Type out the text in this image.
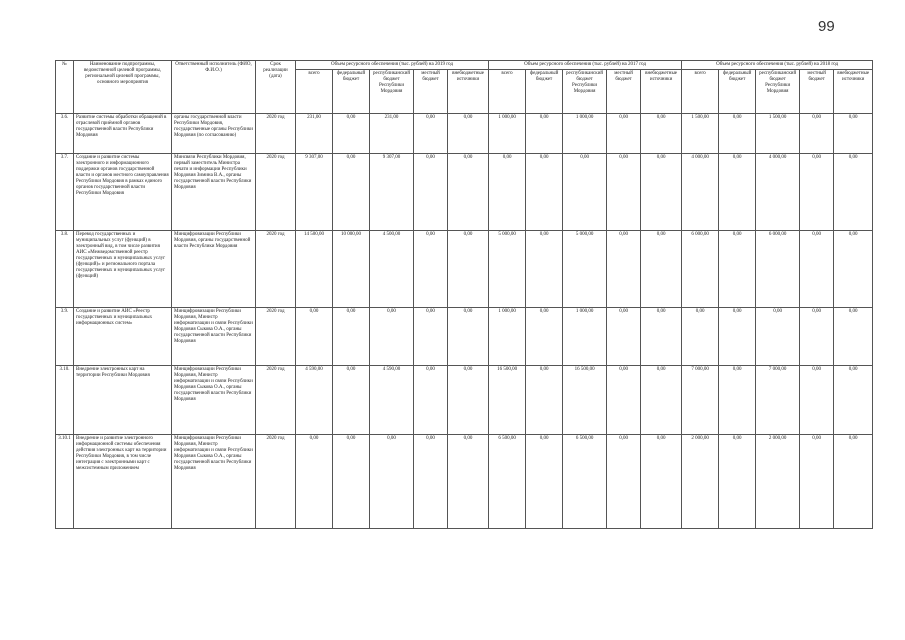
99
№	Наименование подпрограммы, ведомственной целевой программы, региональной целевой программы, основного мероприятия	Ответственный исполнитель (ФИО, Ф.И.О.)	Срок реализации (дата)	Объем ресурсного обеспечения (тыс. рублей) на 2019 год					Объем ресурсного обеспечения (тыс. рублей) на 2017 год					Объем ресурсного обеспечения (тыс. рублей) на 2018 год				
				всего	федеральный бюджет	республиканский бюджет Республики Мордовия	местный бюджет	внебюджетные источники	всего	федеральный бюджет	республиканский бюджет Республики Мордовия	местный бюджет	внебюджетные источники	всего	федеральный бюджет	республиканский бюджет Республики Мордовия	местный бюджет	внебюджетные источники
3.6.	Развитие системы обработки обращений в отраслевой приёмной органов государственной власти Республики Мордовия	органы государственной власти Республики Мордовия, государственные органы Республики Мордовия (по согласованию)	2020 год	231,00	0,00	231,00	0,00	0,00	1 000,00	0,00	1 000,00	0,00	0,00	1 500,00	0,00	1 500,00	0,00	0,00
3.7.	Создание и развитие системы электронного и информационного поддержки органов государственной власти и органов местного самоуправления Республики Мордовия в рамках единого органов государственной власти Республики Мордовия	Минсвязи Республики Мордовия, первый заместитель Министра печати и информации Республики Мордовия Зимина В.А., органы государственной власти Республики Мордовия	2020 год	9 307,00	0,00	9 307,00	0,00	0,00	0,00	0,00	0,00	0,00	0,00	4 000,00	0,00	4 000,00	0,00	0,00
3.8.	Перевод государственных и муниципальных услуг (функций) в электронный вид, в том числе развития АИС «Межведомственной реестр государственных и муниципальных услуг (функций)» и регионального портала государственных и муниципальных услуг (функций)	Минцифровизации Республики Мордовия, органы государственной власти Республики Мордовия	2020 год	14 500,00	10 000,00	4 500,00	0,00	0,00	5 000,00	0,00	5 000,00	0,00	0,00	6 000,00	0,00	6 000,00	0,00	0,00
3.9.	Создание и развитие АИС «Реестр государственных и муниципальных информационных систем»	Минцифровизации Республики Мордовия, Министр информатизации и связи Республики Мордовия Сыкова О.А., органы государственной власти Республики Мордовия	2020 год	0,00	0,00	0,00	0,00	0,00	1 000,00	0,00	1 000,00	0,00	0,00	0,00	0,00	0,00	0,00	0,00
3.10.	Внедрение электронных карт на территории Республики Мордовия	Минцифровизации Республики Мордовия, Министр информатизации и связи Республики Мордовия Сыкова О.А., органы государственной власти Республики Мордовия	2020 год	4 590,00	0,00	4 590,00	0,00	0,00	16 500,00	0,00	16 500,00	0,00	0,00	7 000,00	0,00	7 000,00	0,00	0,00
3.10.1	Внедрение и развитие электронного информационной системы обеспечения действия электронных карт на территории Республики Мордовия, в том числе интеграция с электронными карт с межсистемным приложением	Минцифровизации Республики Мордовия, Министр информатизации и связи Республики Мордовия Сыкова О.А., органы государственной власти Республики Мордовия	2020 год	0,00	0,00	0,00	0,00	0,00	6 500,00	0,00	6 500,00	0,00	0,00	2 000,00	0,00	2 000,00	0,00	0,00
